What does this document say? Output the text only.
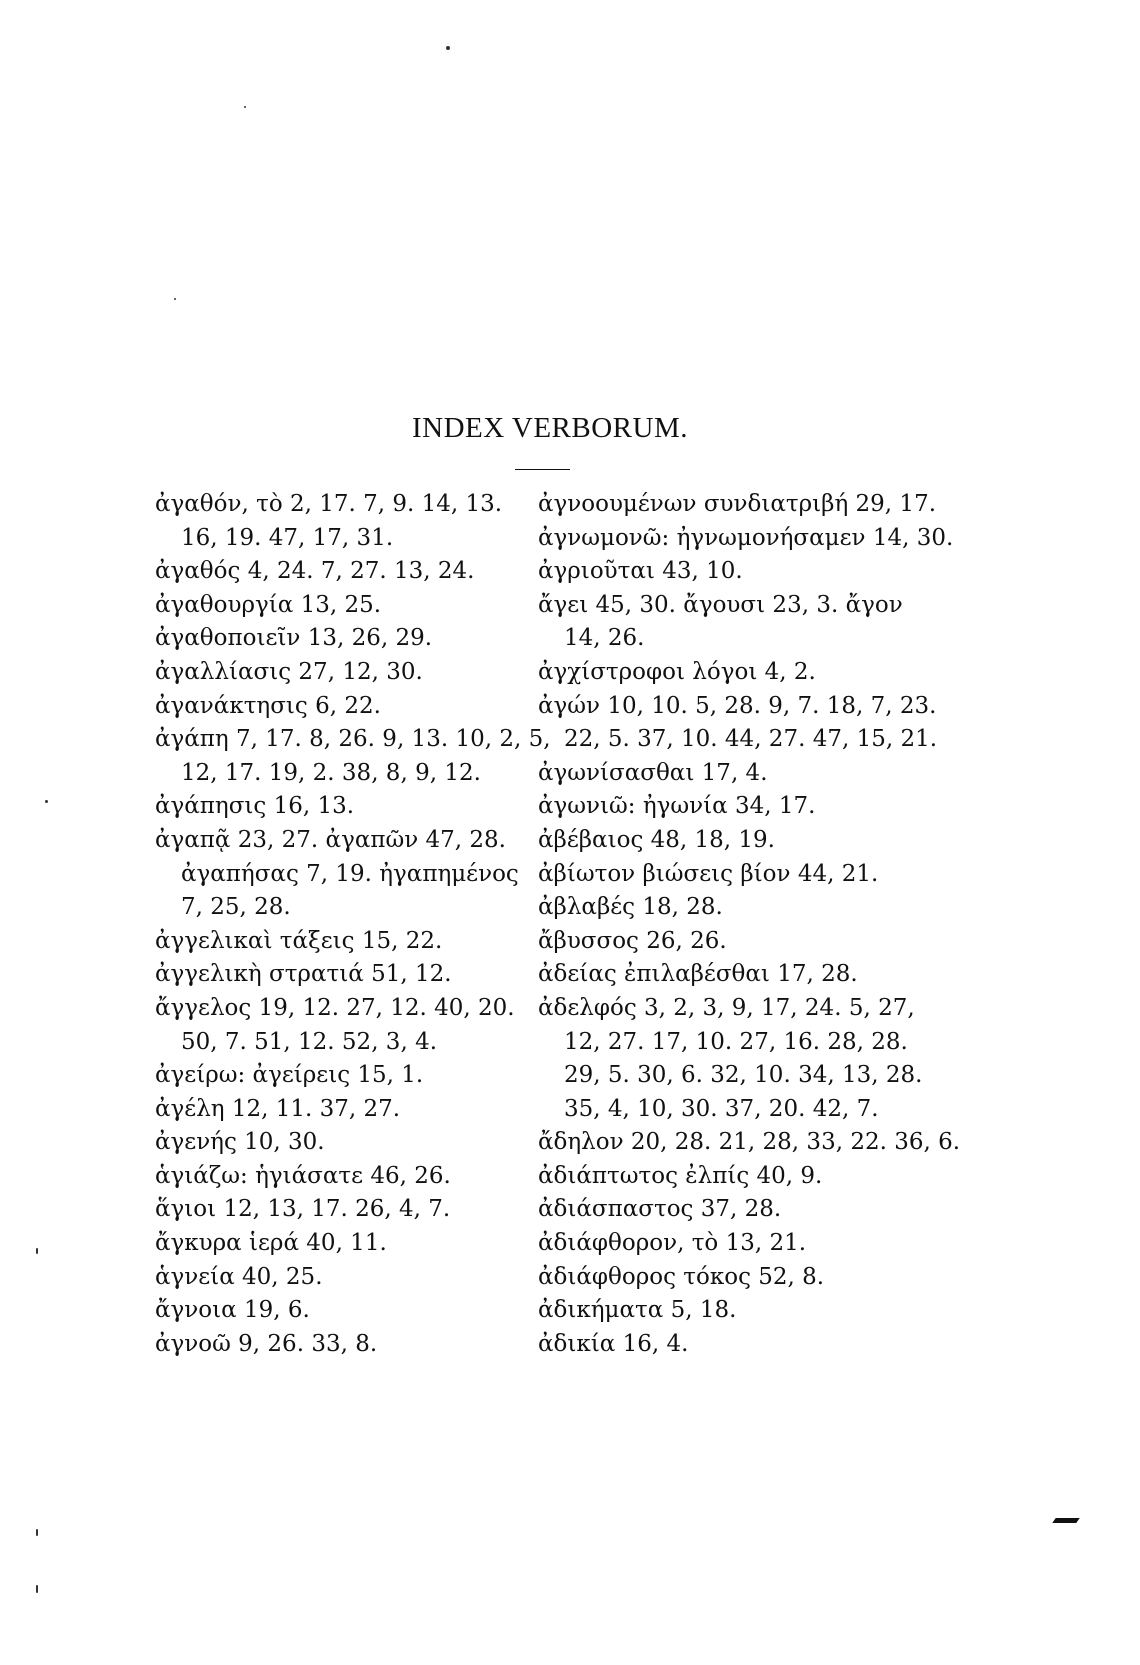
INDEX VERBORUM.
ἀγαθόν, τὸ 2, 17. 7, 9. 14, 13.
16, 19. 47, 17, 31.
ἀγαθός 4, 24. 7, 27. 13, 24.
ἀγαθουργία 13, 25.
ἀγαθοποιεῖν 13, 26, 29.
ἀγαλλίασις 27, 12, 30.
ἀγανάκτησις 6, 22.
ἀγάπη 7, 17. 8, 26. 9, 13. 10, 2, 5,
12, 17. 19, 2. 38, 8, 9, 12.
ἀγάπησις 16, 13.
ἀγαπᾷ 23, 27. ἀγαπῶν 47, 28.
ἀγαπήσας 7, 19. ἠγαπημένος
7, 25, 28.
ἀγγελικαὶ τάξεις 15, 22.
ἀγγελικὴ στρατιά 51, 12.
ἄγγελος 19, 12. 27, 12. 40, 20.
50, 7. 51, 12. 52, 3, 4.
ἀγείρω: ἀγείρεις 15, 1.
ἀγέλη 12, 11. 37, 27.
ἀγενής 10, 30.
ἁγιάζω: ἡγιάσατε 46, 26.
ἅγιοι 12, 13, 17. 26, 4, 7.
ἄγκυρα ἱερά 40, 11.
ἁγνεία 40, 25.
ἄγνοια 19, 6.
ἀγνοῶ 9, 26. 33, 8.
ἀγνοουμένων συνδιατριβή 29, 17.
ἀγνωμονῶ: ἠγνωμονήσαμεν 14, 30.
ἀγριοῦται 43, 10.
ἄγει 45, 30. ἄγουσι 23, 3. ἄγον
14, 26.
ἀγχίστροφοι λόγοι 4, 2.
ἀγών 10, 10. 5, 28. 9, 7. 18, 7, 23.
22, 5. 37, 10. 44, 27. 47, 15, 21.
ἀγωνίσασθαι 17, 4.
ἀγωνιῶ: ἠγωνία 34, 17.
ἀβέβαιος 48, 18, 19.
ἀβίωτον βιώσεις βίον 44, 21.
ἀβλαβές 18, 28.
ἄβυσσος 26, 26.
ἀδείας ἐπιλαβέσθαι 17, 28.
ἀδελφός 3, 2, 3, 9, 17, 24. 5, 27,
12, 27. 17, 10. 27, 16. 28, 28.
29, 5. 30, 6. 32, 10. 34, 13, 28.
35, 4, 10, 30. 37, 20. 42, 7.
ἄδηλον 20, 28. 21, 28, 33, 22. 36, 6.
ἀδιάπτωτος ἐλπίς 40, 9.
ἀδιάσπαστος 37, 28.
ἀδιάφθορον, τὸ 13, 21.
ἀδιάφθορος τόκος 52, 8.
ἀδικήματα 5, 18.
ἀδικία 16, 4.
